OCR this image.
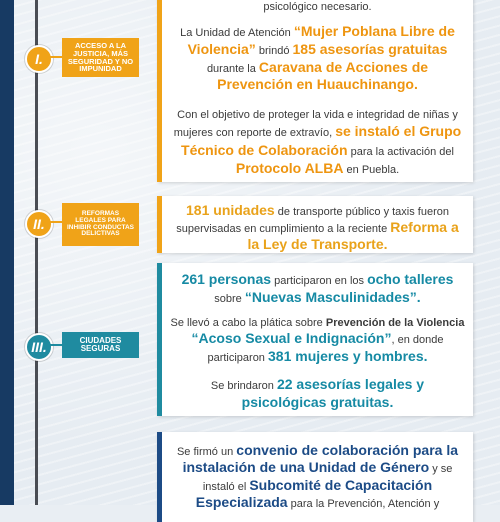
I.
ACCESO A LA JUSTICIA, MÁS SEGURIDAD Y NO IMPUNIDAD
II.
REFORMAS LEGALES PARA INHIBIR CONDUCTAS DELICTIVAS
III.	CIUDADES SEGURAS

psicológico necesario.

La Unidad de Atención “Mujer Poblana Libre de Violencia” brindó 185 asesorías gratuitas durante la Caravana de Acciones de Prevención en Huauchinango.

Con el objetivo de proteger la vida e integridad de niñas y mujeres con reporte de extravío, se instaló el Grupo Técnico de Colaboración para la activación del Protocolo ALBA en Puebla.

181 unidades de transporte público y taxis fueron supervisadas en cumplimiento a la reciente Reforma a la Ley de Transporte.

261 personas participaron en los ocho talleres sobre “Nuevas Masculinidades”.

Se llevó a cabo la plática sobre Prevención de la Violencia “Acoso Sexual e Indignación”, en donde participaron 381 mujeres y hombres.

Se brindaron 22 asesorías legales y psicológicas gratuitas.

Se firmó un convenio de colaboración para la instalación de una Unidad de Género y se instaló el Subcomité de Capacitación Especializada para la Prevención, Atención y
